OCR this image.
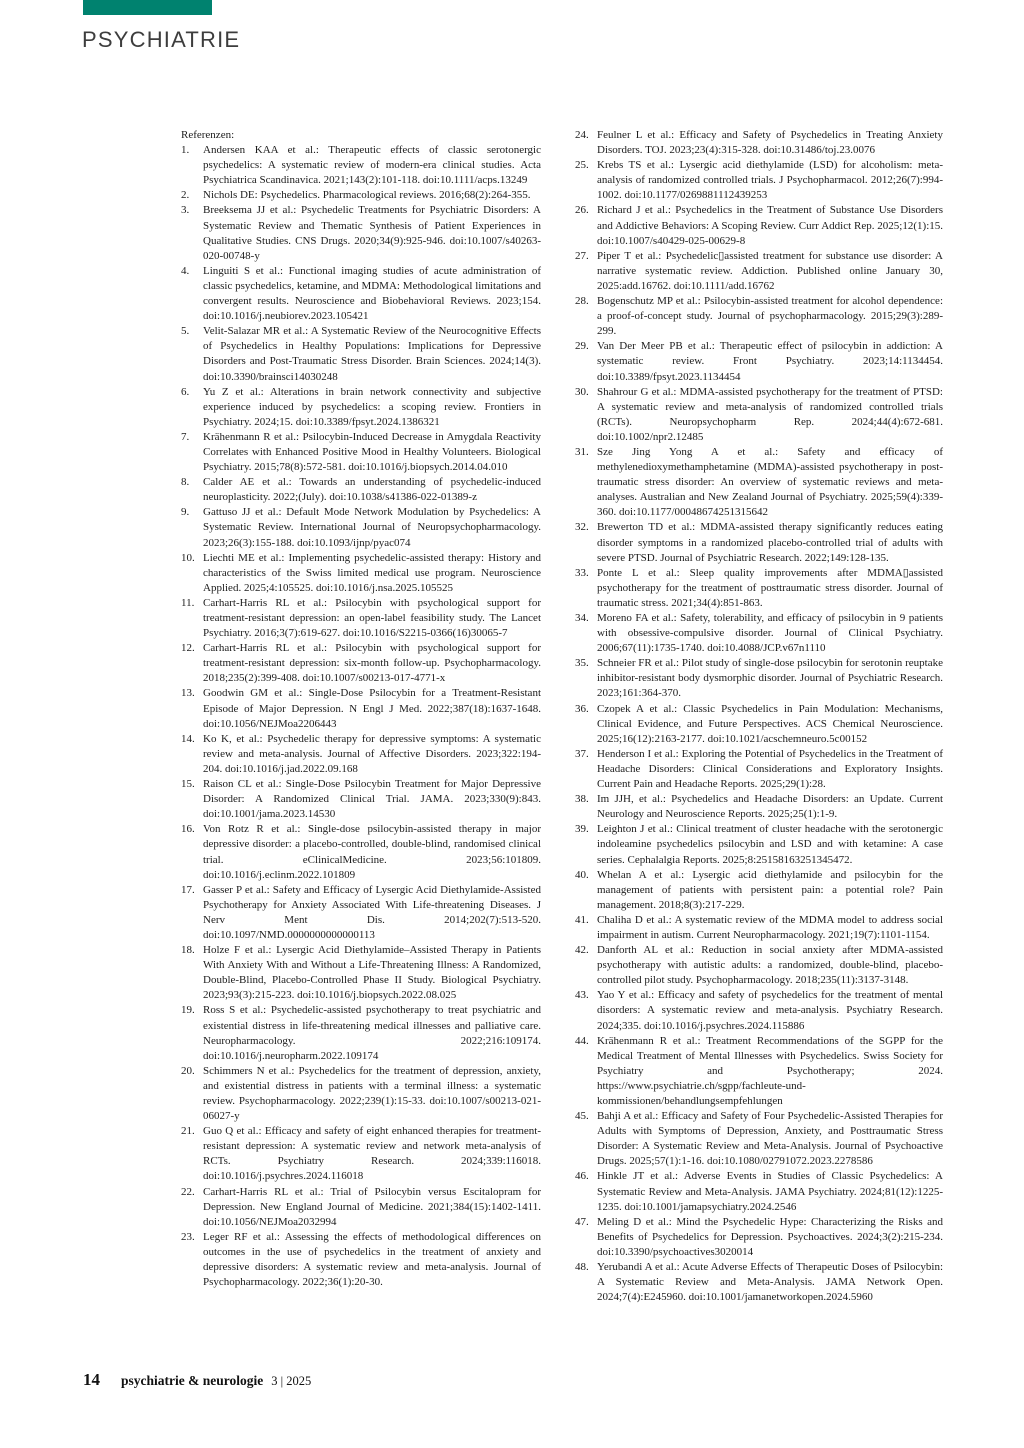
PSYCHIATRIE
Referenzen:
1.	Andersen KAA et al.: Therapeutic effects of classic serotonergic psychedelics: A systematic review of modern-era clinical studies. Acta Psychiatrica Scandinavica. 2021;143(2):101-118. doi:10.1111/acps.13249
2.	Nichols DE: Psychedelics. Pharmacological reviews. 2016;68(2):264-355.
3.	Breeksema JJ et al.: Psychedelic Treatments for Psychiatric Disorders: A Systematic Review and Thematic Synthesis of Patient Experiences in Qualitative Studies. CNS Drugs. 2020;34(9):925-946. doi:10.1007/s40263-020-00748-y
4.	Linguiti S et al.: Functional imaging studies of acute administration of classic psychedelics, ketamine, and MDMA: Methodological limitations and convergent results. Neuroscience and Biobehavioral Reviews. 2023;154. doi:10.1016/j.neubiorev.2023.105421
5.	Velit-Salazar MR et al.: A Systematic Review of the Neurocognitive Effects of Psychedelics in Healthy Populations: Implications for Depressive Disorders and Post-Traumatic Stress Disorder. Brain Sciences. 2024;14(3). doi:10.3390/brainsci14030248
6.	Yu Z et al.: Alterations in brain network connectivity and subjective experience induced by psychedelics: a scoping review. Frontiers in Psychiatry. 2024;15. doi:10.3389/fpsyt.2024.1386321
7.	Krähenmann R et al.: Psilocybin-Induced Decrease in Amygdala Reactivity Correlates with Enhanced Positive Mood in Healthy Volunteers. Biological Psychiatry. 2015;78(8):572-581. doi:10.1016/j.biopsych.2014.04.010
8.	Calder AE et al.: Towards an understanding of psychedelic-induced neuroplasticity. 2022;(July). doi:10.1038/s41386-022-01389-z
9.	Gattuso JJ et al.: Default Mode Network Modulation by Psychedelics: A Systematic Review. International Journal of Neuropsychopharmacology. 2023;26(3):155-188. doi:10.1093/ijnp/pyac074
10. Liechti ME et al.: Implementing psychedelic-assisted therapy: History and characteristics of the Swiss limited medical use program. Neuroscience Applied. 2025;4:105525. doi:10.1016/j.nsa.2025.105525
11. Carhart-Harris RL et al.: Psilocybin with psychological support for treatment-resistant depression: an open-label feasibility study. The Lancet Psychiatry. 2016;3(7):619-627. doi:10.1016/S2215-0366(16)30065-7
12. Carhart-Harris RL et al.: Psilocybin with psychological support for treatment-resistant depression: six-month follow-up. Psychopharmacology. 2018;235(2):399-408. doi:10.1007/s00213-017-4771-x
13. Goodwin GM et al.: Single-Dose Psilocybin for a Treatment-Resistant Episode of Major Depression. N Engl J Med. 2022;387(18):1637-1648. doi:10.1056/NEJMoa2206443
14. Ko K, et al.: Psychedelic therapy for depressive symptoms: A systematic review and meta-analysis. Journal of Affective Disorders. 2023;322:194-204. doi:10.1016/j.jad.2022.09.168
15. Raison CL et al.: Single-Dose Psilocybin Treatment for Major Depressive Disorder: A Randomized Clinical Trial. JAMA. 2023;330(9):843. doi:10.1001/jama.2023.14530
16. Von Rotz R et al.: Single-dose psilocybin-assisted therapy in major depressive disorder: a placebo-controlled, double-blind, randomised clinical trial. eClinicalMedicine. 2023;56:101809. doi:10.1016/j.eclinm.2022.101809
17. Gasser P et al.: Safety and Efficacy of Lysergic Acid Diethylamide-Assisted Psychotherapy for Anxiety Associated With Life-threatening Diseases. J Nerv Ment Dis. 2014;202(7):513-520. doi:10.1097/NMD.0000000000000113
18. Holze F et al.: Lysergic Acid Diethylamide–Assisted Therapy in Patients With Anxiety With and Without a Life-Threatening Illness: A Randomized, Double-Blind, Placebo-Controlled Phase II Study. Biological Psychiatry. 2023;93(3):215-223. doi:10.1016/j.biopsych.2022.08.025
19. Ross S et al.: Psychedelic-assisted psychotherapy to treat psychiatric and existential distress in life-threatening medical illnesses and palliative care. Neuropharmacology. 2022;216:109174. doi:10.1016/j.neuropharm.2022.109174
20. Schimmers N et al.: Psychedelics for the treatment of depression, anxiety, and existential distress in patients with a terminal illness: a systematic review. Psychopharmacology. 2022;239(1):15-33. doi:10.1007/s00213-021-06027-y
21. Guo Q et al.: Efficacy and safety of eight enhanced therapies for treatment-resistant depression: A systematic review and network meta-analysis of RCTs. Psychiatry Research. 2024;339:116018. doi:10.1016/j.psychres.2024.116018
22. Carhart-Harris RL et al.: Trial of Psilocybin versus Escitalopram for Depression. New England Journal of Medicine. 2021;384(15):1402-1411. doi:10.1056/NEJMoa2032994
23. Leger RF et al.: Assessing the effects of methodological differences on outcomes in the use of psychedelics in the treatment of anxiety and depressive disorders: A systematic review and meta-analysis. Journal of Psychopharmacology. 2022;36(1):20-30.
24. Feulner L et al.: Efficacy and Safety of Psychedelics in Treating Anxiety Disorders. TOJ. 2023;23(4):315-328. doi:10.31486/toj.23.0076
25. Krebs TS et al.: Lysergic acid diethylamide (LSD) for alcoholism: meta-analysis of randomized controlled trials. J Psychopharmacol. 2012;26(7):994-1002. doi:10.1177/0269881112439253
26. Richard J et al.: Psychedelics in the Treatment of Substance Use Disorders and Addictive Behaviors: A Scoping Review. Curr Addict Rep. 2025;12(1):15. doi:10.1007/s40429-025-00629-8
27. Piper T et al.: Psychedelic▯assisted treatment for substance use disorder: A narrative systematic review. Addiction. Published online January 30, 2025:add.16762. doi:10.1111/add.16762
28. Bogenschutz MP et al.: Psilocybin-assisted treatment for alcohol dependence: a proof-of-concept study. Journal of psychopharmacology. 2015;29(3):289-299.
29. Van Der Meer PB et al.: Therapeutic effect of psilocybin in addiction: A systematic review. Front Psychiatry. 2023;14:1134454. doi:10.3389/fpsyt.2023.1134454
30. Shahrour G et al.: MDMA-assisted psychotherapy for the treatment of PTSD: A systematic review and meta-analysis of randomized controlled trials (RCTs). Neuropsychopharm Rep. 2024;44(4):672-681. doi:10.1002/npr2.12485
31. Sze Jing Yong A et al.: Safety and efficacy of methylenedioxymethamphetamine (MDMA)-assisted psychotherapy in post-traumatic stress disorder: An overview of systematic reviews and meta-analyses. Australian and New Zealand Journal of Psychiatry. 2025;59(4):339-360. doi:10.1177/00048674251315642
32. Brewerton TD et al.: MDMA-assisted therapy significantly reduces eating disorder symptoms in a randomized placebo-controlled trial of adults with severe PTSD. Journal of Psychiatric Research. 2022;149:128-135.
33. Ponte L et al.: Sleep quality improvements after MDMA▯assisted psychotherapy for the treatment of posttraumatic stress disorder. Journal of traumatic stress. 2021;34(4):851-863.
34. Moreno FA et al.: Safety, tolerability, and efficacy of psilocybin in 9 patients with obsessive-compulsive disorder. Journal of Clinical Psychiatry. 2006;67(11):1735-1740. doi:10.4088/JCP.v67n1110
35. Schneier FR et al.: Pilot study of single-dose psilocybin for serotonin reuptake inhibitor-resistant body dysmorphic disorder. Journal of Psychiatric Research. 2023;161:364-370.
36. Czopek A et al.: Classic Psychedelics in Pain Modulation: Mechanisms, Clinical Evidence, and Future Perspectives. ACS Chemical Neuroscience. 2025;16(12):2163-2177. doi:10.1021/acschemneuro.5c00152
37. Henderson I et al.: Exploring the Potential of Psychedelics in the Treatment of Headache Disorders: Clinical Considerations and Exploratory Insights. Current Pain and Headache Reports. 2025;29(1):28.
38. Im JJH, et al.: Psychedelics and Headache Disorders: an Update. Current Neurology and Neuroscience Reports. 2025;25(1):1-9.
39. Leighton J et al.: Clinical treatment of cluster headache with the serotonergic indoleamine psychedelics psilocybin and LSD and with ketamine: A case series. Cephalalgia Reports. 2025;8:25158163251345472.
40. Whelan A et al.: Lysergic acid diethylamide and psilocybin for the management of patients with persistent pain: a potential role? Pain management. 2018;8(3):217-229.
41. Chaliha D et al.: A systematic review of the MDMA model to address social impairment in autism. Current Neuropharmacology. 2021;19(7):1101-1154.
42. Danforth AL et al.: Reduction in social anxiety after MDMA-assisted psychotherapy with autistic adults: a randomized, double-blind, placebo-controlled pilot study. Psychopharmacology. 2018;235(11):3137-3148.
43. Yao Y et al.: Efficacy and safety of psychedelics for the treatment of mental disorders: A systematic review and meta-analysis. Psychiatry Research. 2024;335. doi:10.1016/j.psychres.2024.115886
44. Krähenmann R et al.: Treatment Recommendations of the SGPP for the Medical Treatment of Mental Illnesses with Psychedelics. Swiss Society for Psychiatry and Psychotherapy; 2024. https://www.psychiatrie.ch/sgpp/fachleute-und-kommissionen/behandlungsempfehlungen
45. Bahji A et al.: Efficacy and Safety of Four Psychedelic-Assisted Therapies for Adults with Symptoms of Depression, Anxiety, and Posttraumatic Stress Disorder: A Systematic Review and Meta-Analysis. Journal of Psychoactive Drugs. 2025;57(1):1-16. doi:10.1080/02791072.2023.2278586
46. Hinkle JT et al.: Adverse Events in Studies of Classic Psychedelics: A Systematic Review and Meta-Analysis. JAMA Psychiatry. 2024;81(12):1225-1235. doi:10.1001/jamapsychiatry.2024.2546
47. Meling D et al.: Mind the Psychedelic Hype: Characterizing the Risks and Benefits of Psychedelics for Depression. Psychoactives. 2024;3(2):215-234. doi:10.3390/psychoactives3020014
48. Yerubandi A et al.: Acute Adverse Effects of Therapeutic Doses of Psilocybin: A Systematic Review and Meta-Analysis. JAMA Network Open. 2024;7(4):E245960. doi:10.1001/jamanetworkopen.2024.5960
14 psychiatrie & neurologie 3 | 2025
